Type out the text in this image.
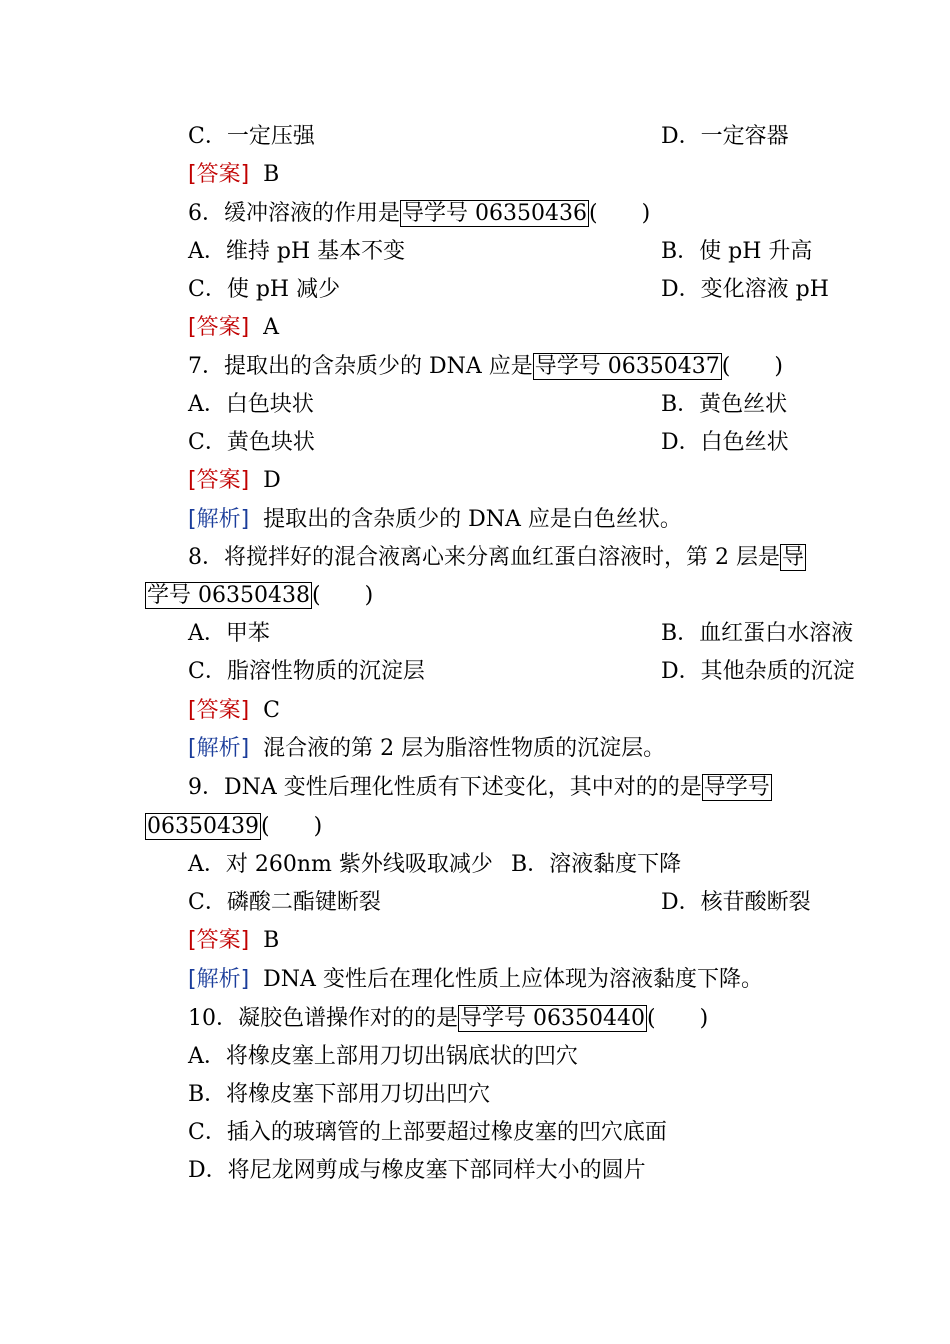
C．一定压强	D．一定容器
[答案] B
6．缓冲溶液的作用是导学号 06350436(　　)
A．维持 pH 基本不变	B．使 pH 升高
C．使 pH 减少	D．变化溶液 pH
[答案] A
7．提取出的含杂质少的 DNA 应是导学号 06350437(　　)
A．白色块状	B．黄色丝状
C．黄色块状	D．白色丝状
[答案] D
[解析] 提取出的含杂质少的 DNA 应是白色丝状。
8．将搅拌好的混合液离心来分离血红蛋白溶液时，第 2 层是导
学号 06350438(　　)
A．甲苯	B．血红蛋白水溶液
C．脂溶性物质的沉淀层	D．其他杂质的沉淀
[答案] C
[解析] 混合液的第 2 层为脂溶性物质的沉淀层。
9．DNA 变性后理化性质有下述变化，其中对的的是导学号
06350439(　　)
A．对 260nm 紫外线吸取减少 B．溶液黏度下降
C．磷酸二酯键断裂	D．核苷酸断裂
[答案] B
[解析] DNA 变性后在理化性质上应体现为溶液黏度下降。
10．凝胶色谱操作对的的是导学号 06350440(　　)
A．将橡皮塞上部用刀切出锅底状的凹穴
B．将橡皮塞下部用刀切出凹穴
C．插入的玻璃管的上部要超过橡皮塞的凹穴底面
D．将尼龙网剪成与橡皮塞下部同样大小的圆片
